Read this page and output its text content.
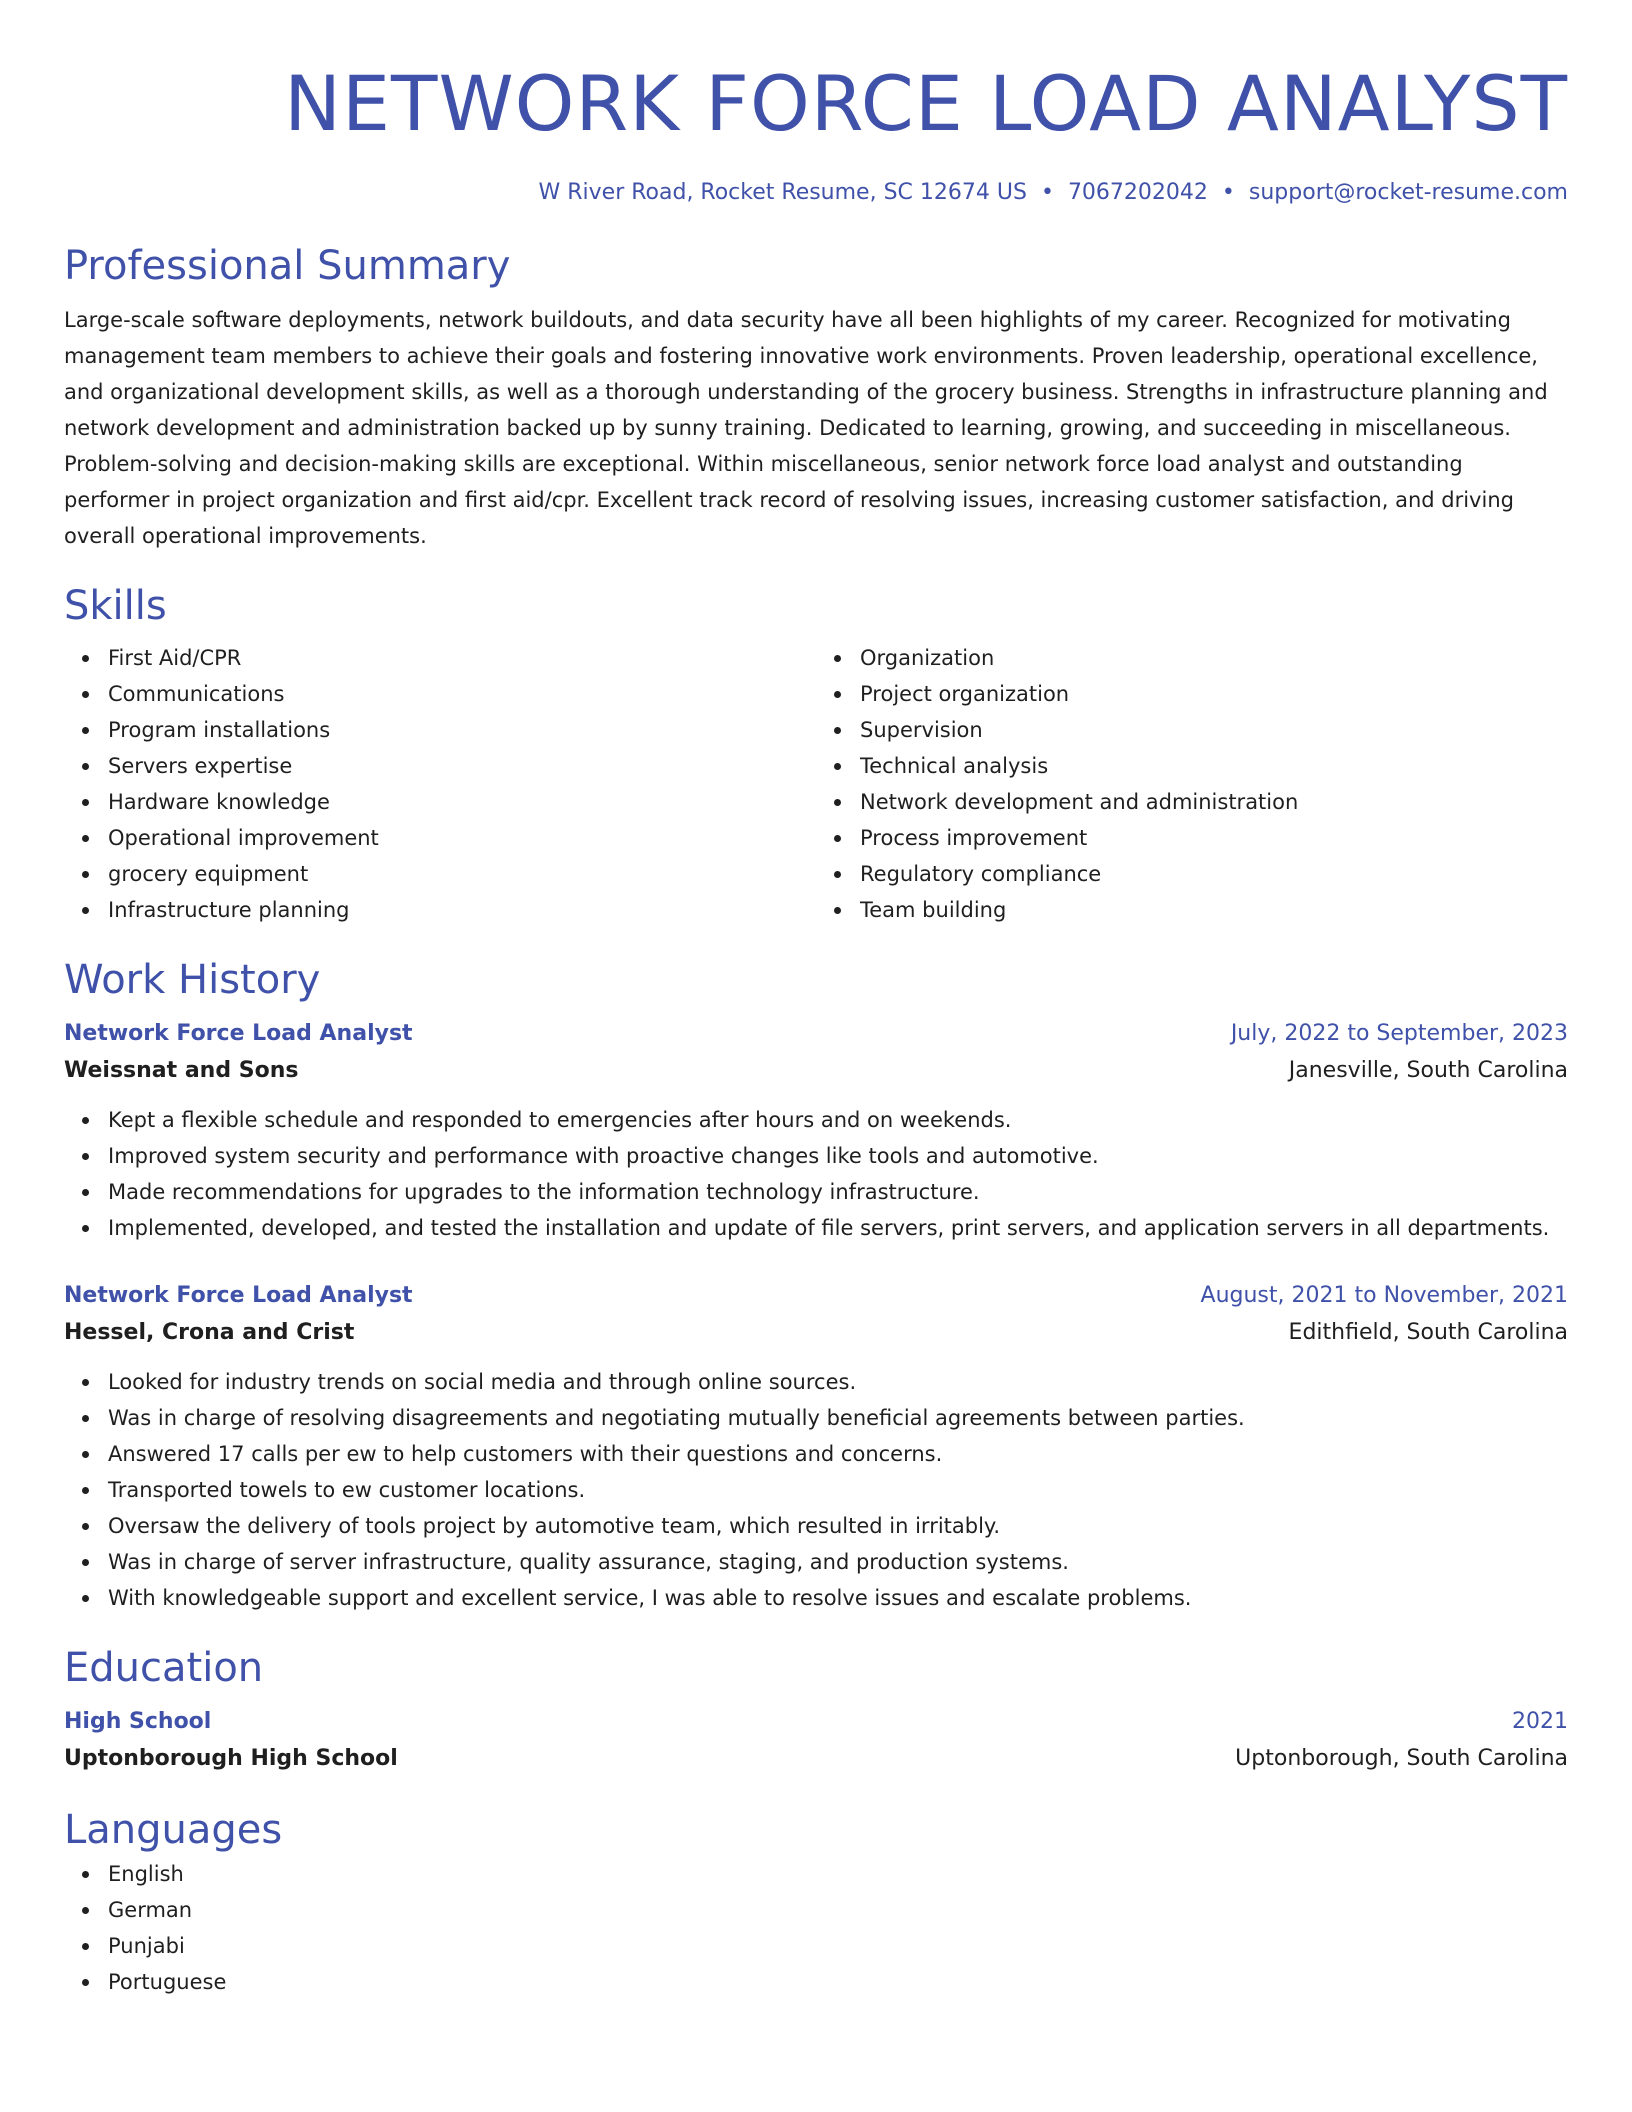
NETWORK FORCE LOAD ANALYST
W River Road, Rocket Resume, SC 12674 US • 7067202042 • support@rocket-resume.com
Professional Summary
Large-scale software deployments, network buildouts, and data security have all been highlights of my career. Recognized for motivating management team members to achieve their goals and fostering innovative work environments. Proven leadership, operational excellence, and organizational development skills, as well as a thorough understanding of the grocery business. Strengths in infrastructure planning and network development and administration backed up by sunny training. Dedicated to learning, growing, and succeeding in miscellaneous. Problem-solving and decision-making skills are exceptional. Within miscellaneous, senior network force load analyst and outstanding performer in project organization and first aid/cpr. Excellent track record of resolving issues, increasing customer satisfaction, and driving overall operational improvements.
Skills
First Aid/CPR
Communications
Program installations
Servers expertise
Hardware knowledge
Operational improvement
grocery equipment
Infrastructure planning
Organization
Project organization
Supervision
Technical analysis
Network development and administration
Process improvement
Regulatory compliance
Team building
Work History
Network Force Load Analyst	July, 2022 to September, 2023
Weissnat and Sons	Janesville, South Carolina
Kept a flexible schedule and responded to emergencies after hours and on weekends.
Improved system security and performance with proactive changes like tools and automotive.
Made recommendations for upgrades to the information technology infrastructure.
Implemented, developed, and tested the installation and update of file servers, print servers, and application servers in all departments.
Network Force Load Analyst	August, 2021 to November, 2021
Hessel, Crona and Crist	Edithfield, South Carolina
Looked for industry trends on social media and through online sources.
Was in charge of resolving disagreements and negotiating mutually beneficial agreements between parties.
Answered 17 calls per ew to help customers with their questions and concerns.
Transported towels to ew customer locations.
Oversaw the delivery of tools project by automotive team, which resulted in irritably.
Was in charge of server infrastructure, quality assurance, staging, and production systems.
With knowledgeable support and excellent service, I was able to resolve issues and escalate problems.
Education
High School	2021
Uptonborough High School	Uptonborough, South Carolina
Languages
English
German
Punjabi
Portuguese
